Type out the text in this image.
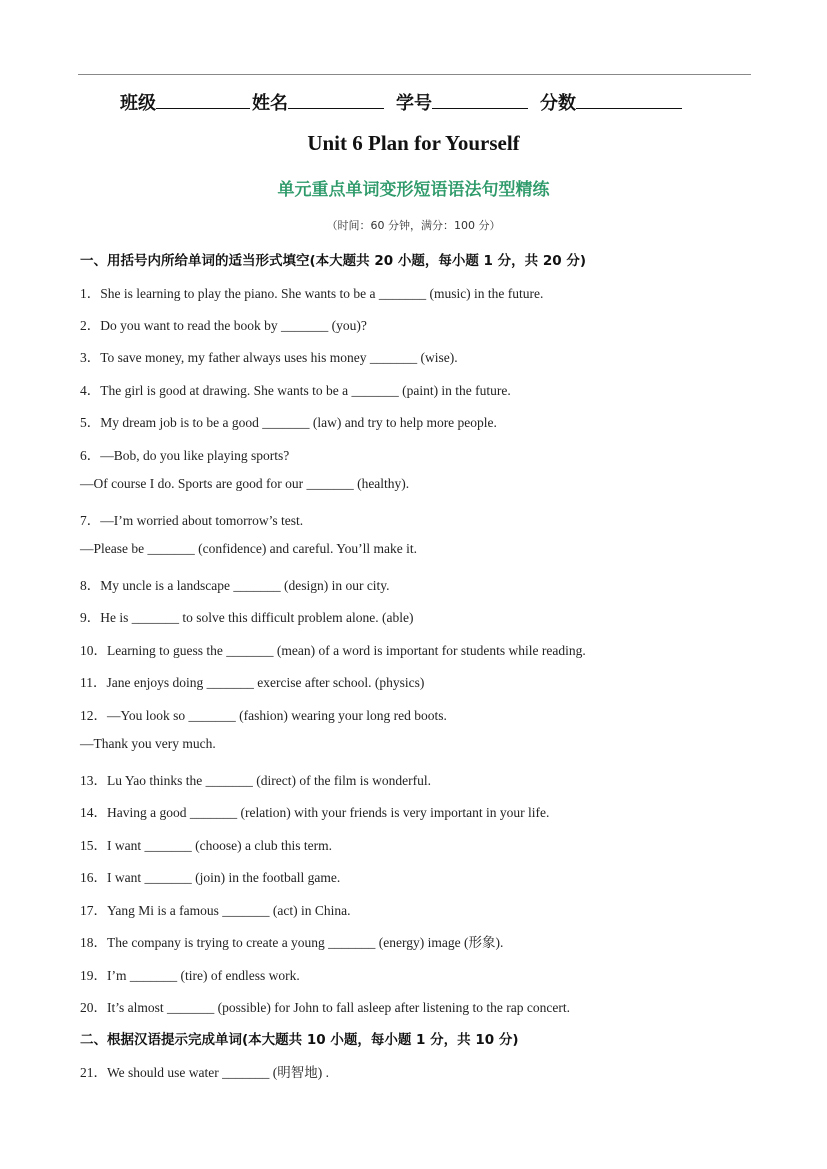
班级	姓名	学号	分数
Unit 6 Plan for Yourself
单元重点单词变形短语语法句型精练
（时间：60 分钟，满分：100 分）
一、用括号内所给单词的适当形式填空(本大题共 20 小题，每小题 1 分，共 20 分)
1．She is learning to play the piano. She wants to be a _______ (music) in the future.
2．Do you want to read the book by _______ (you)?
3．To save money, my father always uses his money _______ (wise).
4．The girl is good at drawing. She wants to be a _______ (paint) in the future.
5．My dream job is to be a good _______ (law) and try to help more people.
6．—Bob, do you like playing sports?
—Of course I do. Sports are good for our _______ (healthy).
7．—I’m worried about tomorrow’s test.
—Please be _______ (confidence) and careful. You’ll make it.
8．My uncle is a landscape _______ (design) in our city.
9．He is _______ to solve this difficult problem alone. (able)
10．Learning to guess the _______ (mean) of a word is important for students while reading.
11．Jane enjoys doing _______ exercise after school. (physics)
12．—You look so _______ (fashion) wearing your long red boots.
—Thank you very much.
13．Lu Yao thinks the _______ (direct) of the film is wonderful.
14．Having a good _______ (relation) with your friends is very important in your life.
15．I want _______ (choose) a club this term.
16．I want _______ (join) in the football game.
17．Yang Mi is a famous _______ (act) in China.
18．The company is trying to create a young _______ (energy) image (形象).
19．I’m _______ (tire) of endless work.
20．It’s almost _______ (possible) for John to fall asleep after listening to the rap concert.
二、根据汉语提示完成单词(本大题共 10 小题，每小题 1 分，共 10 分)
21．We should use water _______ (明智地) .
